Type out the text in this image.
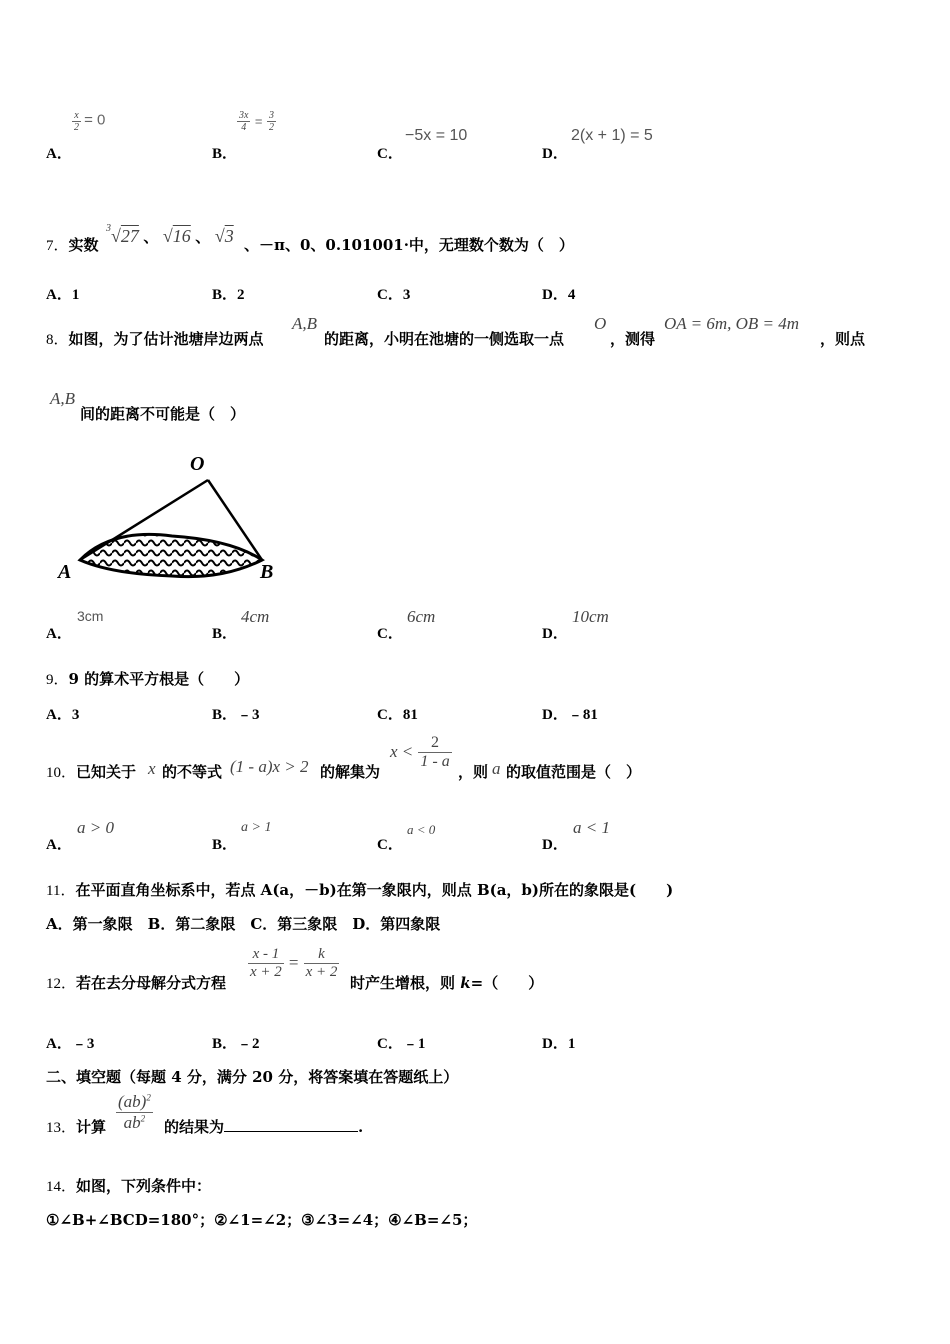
A．
$\frac{x}{2} = 0$
B．
$\frac{3x}{4} = \frac{3}{2}$
C．
−5x = 10
D．
2(x + 1) = 5
7．实数
$^3$√27 、 √16 、 √3 、－π、0、0.101001·中，无理数个数为（　）
A．1	B．2	C．3	D．4
8．如图，为了估计池塘岸边两点
A,B
的距离，小明在池塘的一侧选取一点
O
，测得
OA = 6m, OB = 4m
，则点
A,B
间的距离不可能是（　）
O
A	B
A．
3cm
B．
4cm
C．
6cm
D．
10cm
9．9 的算术平方根是（　　）
A．3	B．﹣3	C．81	D．﹣81
10．已知关于 x 的不等式 (1 - a)x > 2 的解集为
$x < \frac{2}{1 - a}$
，则 a 的取值范围是（　）
A．
a > 0
B．
a > 1
C．
a < 0
D．
a < 1
11．在平面直角坐标系中，若点 A(a，－b)在第一象限内，则点 B(a，b)所在的象限是(　　)
A．第一象限　B．第二象限　C．第三象限　D．第四象限
12．若在去分母解分式方程
$\frac{x - 1}{x + 2} = \frac{k}{x + 2}$
时产生增根，则 k=（　　）
A．﹣3	B．﹣2	C．﹣1	D．1
二、填空题（每题 4 分，满分 20 分，将答案填在答题纸上）
13．计算 $\frac{(ab)^2}{ab^2}$ 的结果为	.
14．如图，下列条件中：
①∠B+∠BCD=180°；②∠1=∠2；③∠3=∠4；④∠B=∠5；
